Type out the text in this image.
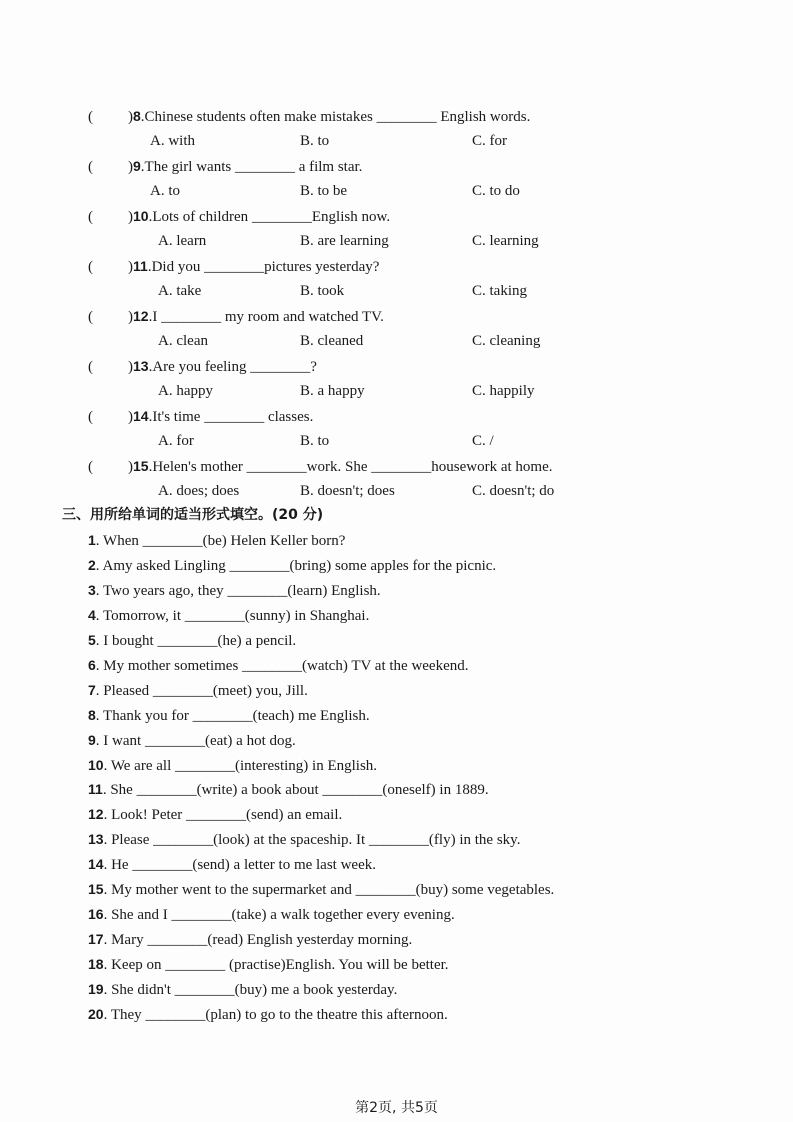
( )8.Chinese students often make mistakes ________ English words.
A. with	B. to	C. for
( )9.The girl wants ________ a film star.
A. to	B. to be	C. to do
( )10.Lots of children ________English now.
A. learn	B. are learning	C. learning
( )11.Did you ________pictures yesterday?
A. take	B. took	C. taking
( )12.I ________ my room and watched TV.
A. clean	B. cleaned	C. cleaning
( )13.Are you feeling ________?
A. happy	B. a happy	C. happily
( )14.It's time ________ classes.
A. for	B. to	C. /
( )15.Helen's mother ________work. She ________housework at home.
A. does; does	B. doesn't; does	C. doesn't; do
三、用所给单词的适当形式填空。(20 分)
1. When ________(be) Helen Keller born?
2. Amy asked Lingling ________(bring) some apples for the picnic.
3. Two years ago, they ________(learn) English.
4. Tomorrow, it ________(sunny) in Shanghai.
5. I bought ________(he) a pencil.
6. My mother sometimes ________(watch) TV at the weekend.
7. Pleased ________(meet) you, Jill.
8. Thank you for ________(teach) me English.
9. I want ________(eat) a hot dog.
10. We are all ________(interesting) in English.
11. She ________(write) a book about ________(oneself) in 1889.
12. Look! Peter ________(send) an email.
13. Please ________(look) at the spaceship. It ________(fly) in the sky.
14. He ________(send) a letter to me last week.
15. My mother went to the supermarket and ________(buy) some vegetables.
16. She and I ________(take) a walk together every evening.
17. Mary ________(read) English yesterday morning.
18. Keep on ________ (practise)English. You will be better.
19. She didn't ________(buy) me a book yesterday.
20. They ________(plan) to go to the theatre this afternoon.
第2页, 共5页
